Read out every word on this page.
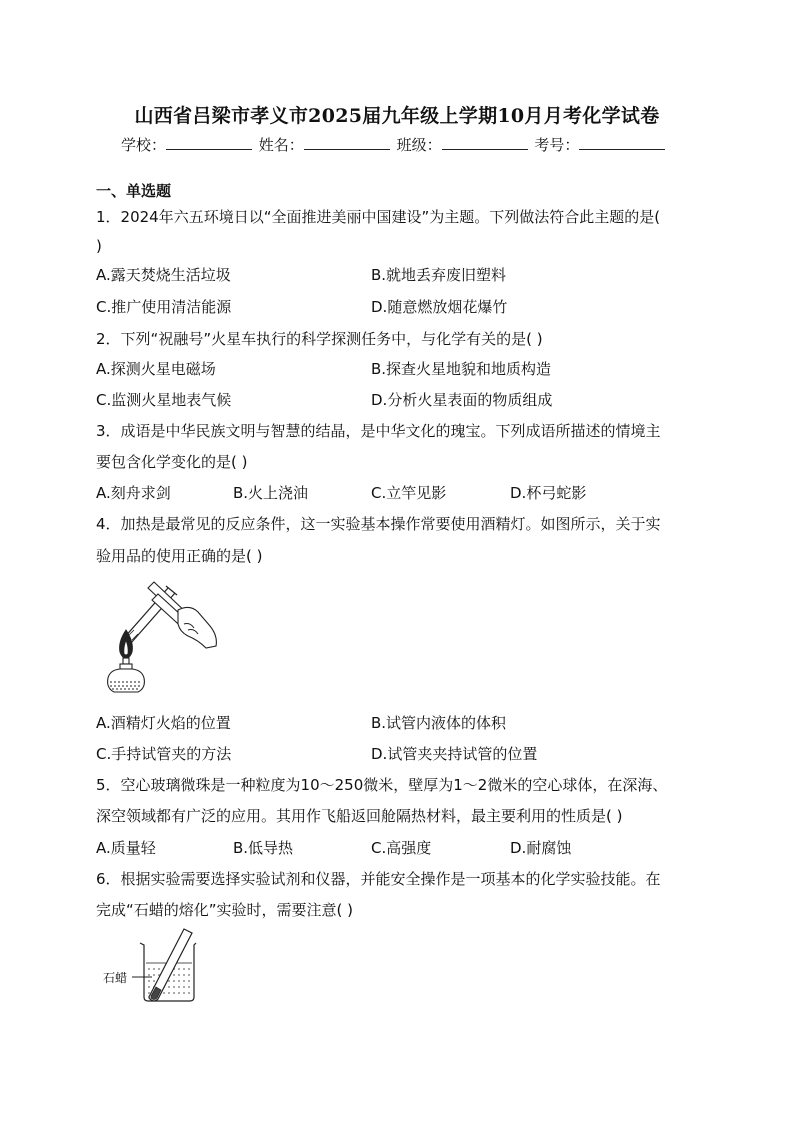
山西省吕梁市孝义市2025届九年级上学期10月月考化学试卷
学校：	姓名：	班级：	考号：
一、单选题
1．2024年六五环境日以“全面推进美丽中国建设”为主题。下列做法符合此主题的是(
)
A.露天焚烧生活垃圾	B.就地丢弃废旧塑料
C.推广使用清洁能源	D.随意燃放烟花爆竹
2．下列“祝融号”火星车执行的科学探测任务中，与化学有关的是( )
A.探测火星电磁场	B.探查火星地貌和地质构造
C.监测火星地表气候	D.分析火星表面的物质组成
3．成语是中华民族文明与智慧的结晶，是中华文化的瑰宝。下列成语所描述的情境主
要包含化学变化的是( )
A.刻舟求剑	B.火上浇油	C.立竿见影	D.杯弓蛇影
4．加热是最常见的反应条件，这一实验基本操作常要使用酒精灯。如图所示，关于实
验用品的使用正确的是( )
A.酒精灯火焰的位置	B.试管内液体的体积
C.手持试管夹的方法	D.试管夹夹持试管的位置
5．空心玻璃微珠是一种粒度为10～250微米，壁厚为1～2微米的空心球体，在深海、
深空领域都有广泛的应用。其用作飞船返回舱隔热材料，最主要利用的性质是( )
A.质量轻	B.低导热	C.高强度	D.耐腐蚀
6．根据实验需要选择实验试剂和仪器，并能安全操作是一项基本的化学实验技能。在
完成“石蜡的熔化”实验时，需要注意( )
石蜡
